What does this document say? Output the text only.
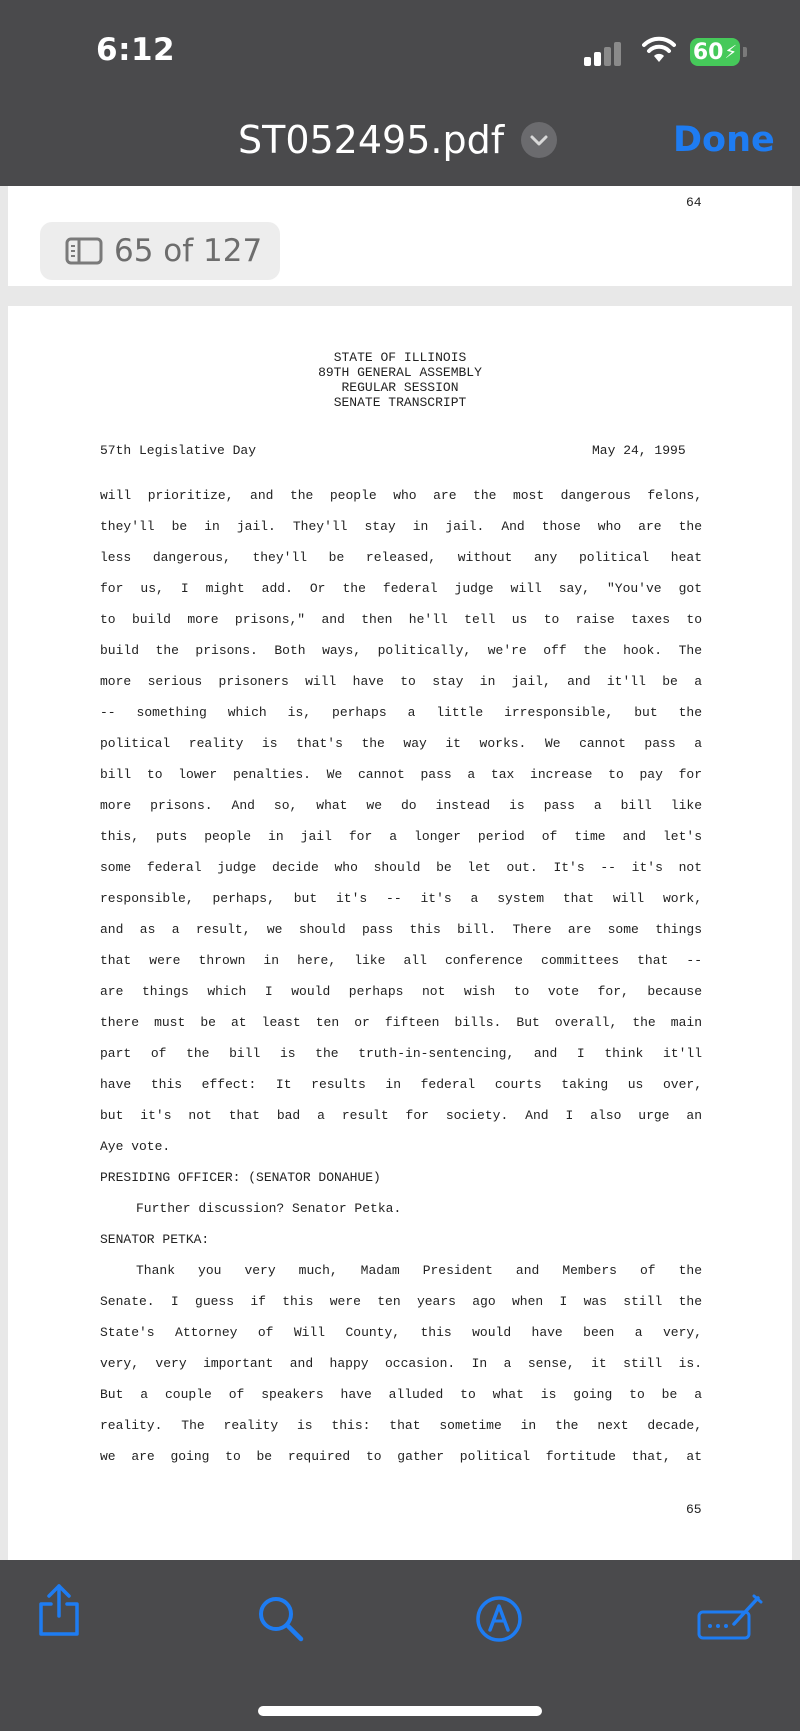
6:12	60 ⚡
ST052495.pdf	Done
64
65 of 127
STATE OF ILLINOIS
89TH GENERAL ASSEMBLY
REGULAR SESSION
SENATE TRANSCRIPT
57th Legislative Day	May 24, 1995
will prioritize, and the people who are the most dangerous felons,
they'll be in jail. They'll stay in jail. And those who are the
less dangerous, they'll be released, without any political heat
for us, I might add. Or the federal judge will say, "You've got
to build more prisons," and then he'll tell us to raise taxes to
build the prisons. Both ways, politically, we're off the hook. The
more serious prisoners will have to stay in jail, and it'll be a
-- something which is, perhaps a little irresponsible, but the
political reality is that's the way it works. We cannot pass a
bill to lower penalties. We cannot pass a tax increase to pay for
more prisons. And so, what we do instead is pass a bill like
this, puts people in jail for a longer period of time and let's
some federal judge decide who should be let out. It's -- it's not
responsible, perhaps, but it's -- it's a system that will work,
and as a result, we should pass this bill. There are some things
that were thrown in here, like all conference committees that --
are things which I would perhaps not wish to vote for, because
there must be at least ten or fifteen bills. But overall, the main
part of the bill is the truth-in-sentencing, and I think it'll
have this effect: It results in federal courts taking us over,
but it's not that bad a result for society. And I also urge an
Aye vote.
PRESIDING OFFICER: (SENATOR DONAHUE)
Further discussion? Senator Petka.
SENATOR PETKA:
Thank you very much, Madam President and Members of the
Senate. I guess if this were ten years ago when I was still the
State's Attorney of Will County, this would have been a very,
very, very important and happy occasion. In a sense, it still is.
But a couple of speakers have alluded to what is going to be a
reality. The reality is this: that sometime in the next decade,
we are going to be required to gather political fortitude that, at
65
